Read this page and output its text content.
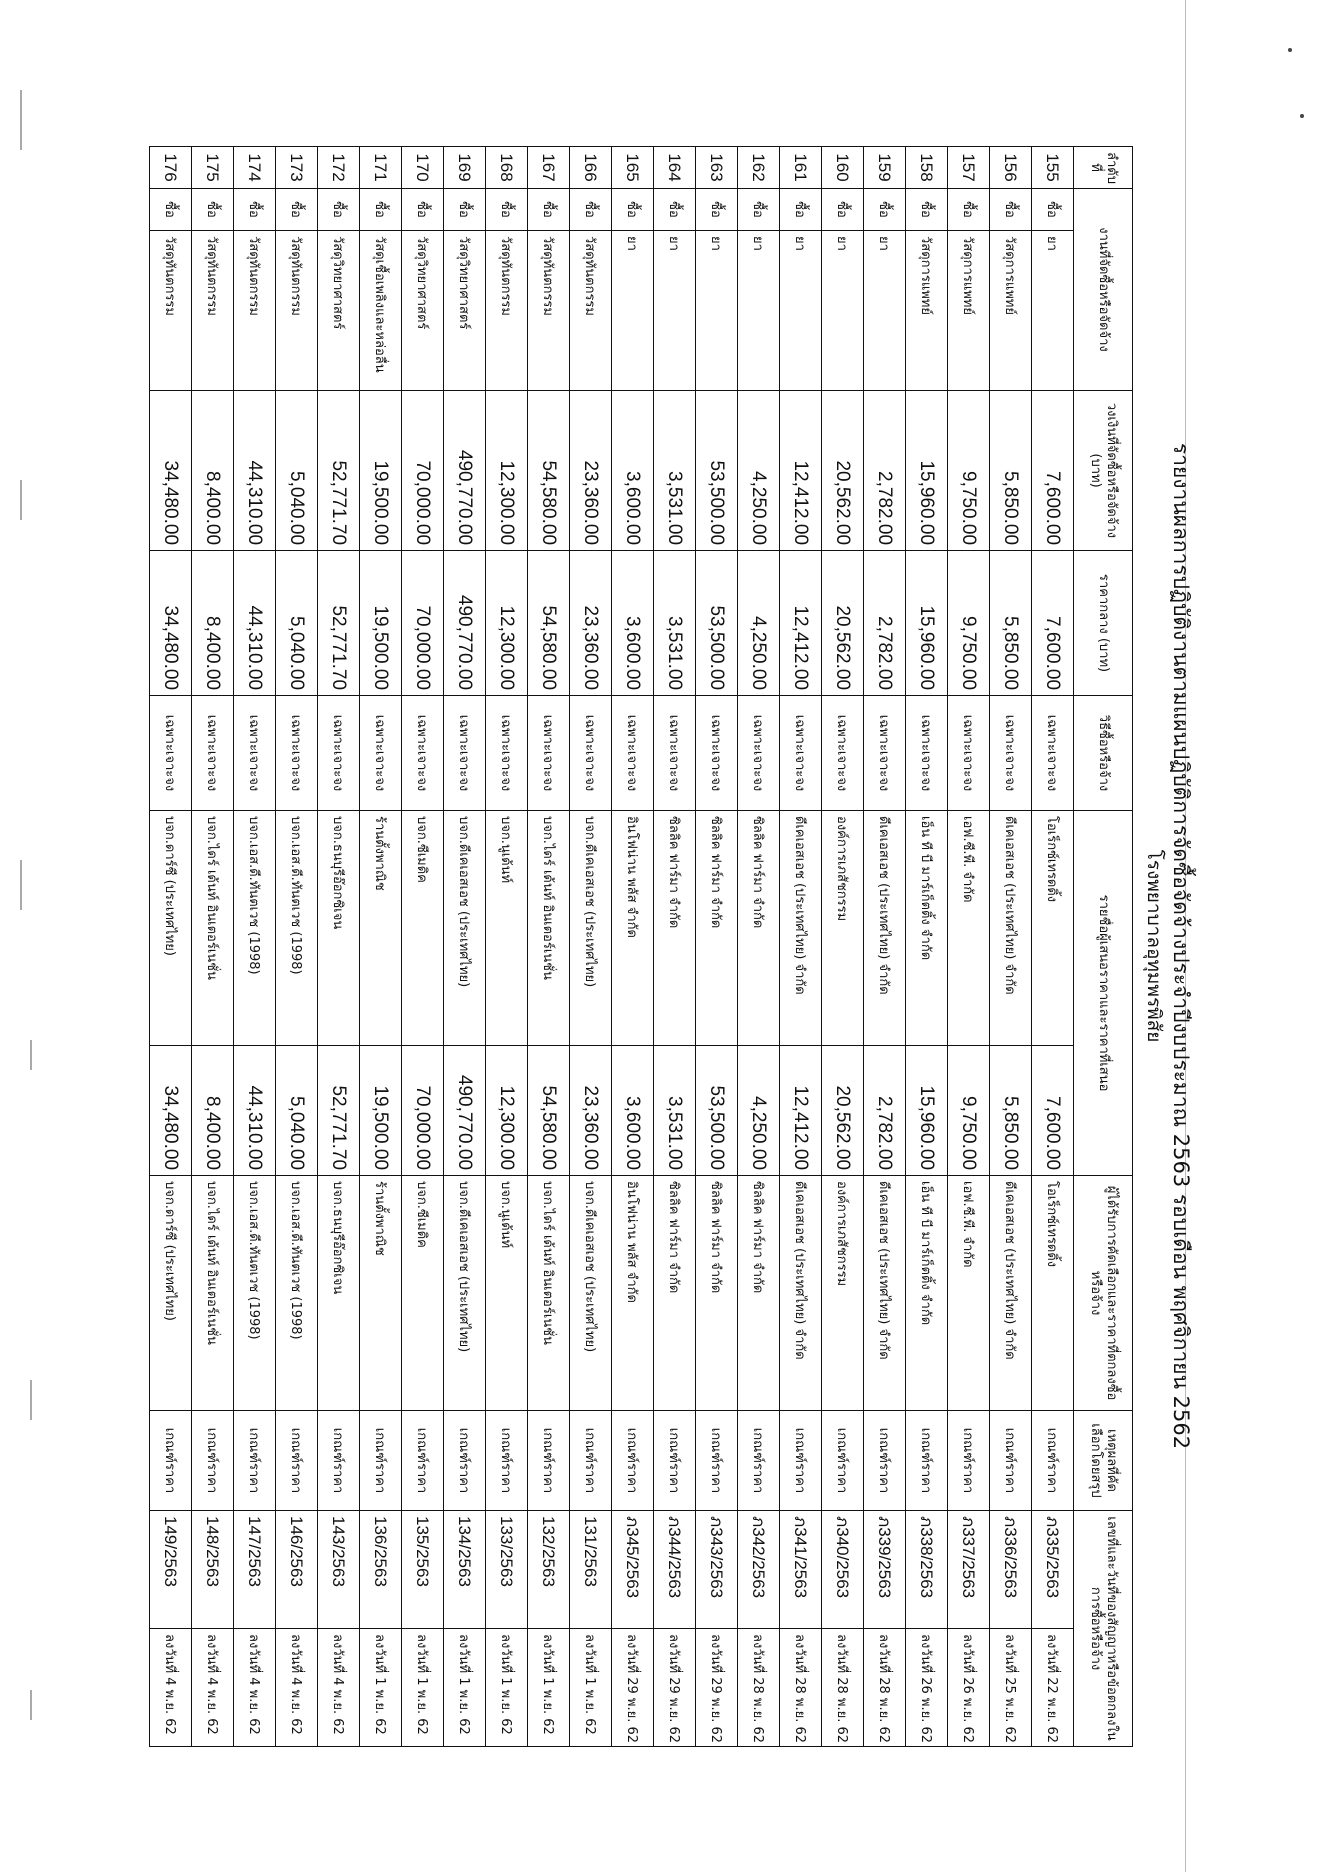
รายงานผลการปฏิบัติงานตามแผนปฏิบัติการจัดซื้อจัดจ้างประจำปีงบประมาณ 2563 รอบเดือน พฤศจิกายน 2562
โรงพยาบาลอุทุมพรพิสัย
ลำดับที่	งานที่จัดซื้อหรือจัดจ้าง		วงเงินที่จัดซื้อหรือจัดจ้าง (บาท)	ราคากลาง (บาท)	วิธีซื้อหรือจ้าง	รายชื่อผู้เสนอราคาและราคาที่เสนอ		ผู้ได้รับการคัดเลือกและราคาที่ตกลงซื้อหรือจ้าง	เหตุผลที่คัดเลือกโดยสรุป	เลขที่และวันที่ของสัญญาหรือข้อตกลงในการซื้อหรือจ้าง	
155	ซื้อ	ยา	7,600.00	7,600.00	เฉพาะเจาะจง	โอเร็กซ์เทรดดิ้ง	7,600.00	โอเร็กซ์เทรดดิ้ง	เกณฑ์ราคา	ภ335/2563	ลงวันที่ 22 พ.ย. 62
156	ซื้อ	วัสดุการแพทย์	5,850.00	5,850.00	เฉพาะเจาะจง	ดีเคเอสเอช (ประเทศไทย) จำกัด	5,850.00	ดีเคเอสเอช (ประเทศไทย) จำกัด	เกณฑ์ราคา	ภ336/2563	ลงวันที่ 25 พ.ย. 62
157	ซื้อ	วัสดุการแพทย์	9,750.00	9,750.00	เฉพาะเจาะจง	เอฟ.ซี.พี. จำกัด	9,750.00	เอฟ.ซี.พี. จำกัด	เกณฑ์ราคา	ภ337/2563	ลงวันที่ 26 พ.ย. 62
158	ซื้อ	วัสดุการแพทย์	15,960.00	15,960.00	เฉพาะเจาะจง	เอ็น ที บี มาร์เก็ตติ้ง จำกัด	15,960.00	เอ็น ที บี มาร์เก็ตติ้ง จำกัด	เกณฑ์ราคา	ภ338/2563	ลงวันที่ 26 พ.ย. 62
159	ซื้อ	ยา	2,782.00	2,782.00	เฉพาะเจาะจง	ดีเคเอสเอช (ประเทศไทย) จำกัด	2,782.00	ดีเคเอสเอช (ประเทศไทย) จำกัด	เกณฑ์ราคา	ภ339/2563	ลงวันที่ 28 พ.ย. 62
160	ซื้อ	ยา	20,562.00	20,562.00	เฉพาะเจาะจง	องค์การเภสัชกรรม	20,562.00	องค์การเภสัชกรรม	เกณฑ์ราคา	ภ340/2563	ลงวันที่ 28 พ.ย. 62
161	ซื้อ	ยา	12,412.00	12,412.00	เฉพาะเจาะจง	ดีเคเอสเอช (ประเทศไทย) จำกัด	12,412.00	ดีเคเอสเอช (ประเทศไทย) จำกัด	เกณฑ์ราคา	ภ341/2563	ลงวันที่ 28 พ.ย. 62
162	ซื้อ	ยา	4,250.00	4,250.00	เฉพาะเจาะจง	ซิลลิค ฟาร์มา จำกัด	4,250.00	ซิลลิค ฟาร์มา จำกัด	เกณฑ์ราคา	ภ342/2563	ลงวันที่ 28 พ.ย. 62
163	ซื้อ	ยา	53,500.00	53,500.00	เฉพาะเจาะจง	ซิลลิค ฟาร์มา จำกัด	53,500.00	ซิลลิค ฟาร์มา จำกัด	เกณฑ์ราคา	ภ343/2563	ลงวันที่ 29 พ.ย. 62
164	ซื้อ	ยา	3,531.00	3,531.00	เฉพาะเจาะจง	ซิลลิค ฟาร์มา จำกัด	3,531.00	ซิลลิค ฟาร์มา จำกัด	เกณฑ์ราคา	ภ344/2563	ลงวันที่ 29 พ.ย. 62
165	ซื้อ	ยา	3,600.00	3,600.00	เฉพาะเจาะจง	อินโฟน่าน พลัส จำกัด	3,600.00	อินโฟน่าน พลัส จำกัด	เกณฑ์ราคา	ภ345/2563	ลงวันที่ 29 พ.ย. 62
166	ซื้อ	วัสดุทันตกรรม	23,360.00	23,360.00	เฉพาะเจาะจง	บจก.ดีเคเอสเอช (ประเทศไทย)	23,360.00	บจก.ดีเคเอสเอช (ประเทศไทย)	เกณฑ์ราคา	131/2563	ลงวันที่ 1 พ.ย. 62
167	ซื้อ	วัสดุทันตกรรม	54,580.00	54,580.00	เฉพาะเจาะจง	บจก.ไดร์ เด้นท์ อินเตอร์เนชั่น	54,580.00	บจก.ไดร์ เด้นท์ อินเตอร์เนชั่น	เกณฑ์ราคา	132/2563	ลงวันที่ 1 พ.ย. 62
168	ซื้อ	วัสดุทันตกรรม	12,300.00	12,300.00	เฉพาะเจาะจง	บจก.นูเด้นท์	12,300.00	บจก.นูเด้นท์	เกณฑ์ราคา	133/2563	ลงวันที่ 1 พ.ย. 62
169	ซื้อ	วัสดุวิทยาศาสตร์	490,770.00	490,770.00	เฉพาะเจาะจง	บจก.ดีเคเอสเอช (ประเทศไทย)	490,770.00	บจก.ดีเคเอสเอช (ประเทศไทย)	เกณฑ์ราคา	134/2563	ลงวันที่ 1 พ.ย. 62
170	ซื้อ	วัสดุวิทยาศาสตร์	70,000.00	70,000.00	เฉพาะเจาะจง	บจก.ซีเมดิค	70,000.00	บจก.ซีเมดิค	เกณฑ์ราคา	135/2563	ลงวันที่ 1 พ.ย. 62
171	ซื้อ	วัสดุเชื้อเพลิงและหล่อลื่น	19,500.00	19,500.00	เฉพาะเจาะจง	ร้านตั้งพาณิช	19,500.00	ร้านตั้งพาณิช	เกณฑ์ราคา	136/2563	ลงวันที่ 1 พ.ย. 62
172	ซื้อ	วัสดุวิทยาศาสตร์	52,771.70	52,771.70	เฉพาะเจาะจง	บจก.ธนบุรีอ๊อกซิเจน	52,771.70	บจก.ธนบุรีอ๊อกซิเจน	เกณฑ์ราคา	143/2563	ลงวันที่ 4 พ.ย. 62
173	ซื้อ	วัสดุทันตกรรม	5,040.00	5,040.00	เฉพาะเจาะจง	บจก.เอส.ดี.ทันตเวช (1998)	5,040.00	บจก.เอส.ดี.ทันตเวช (1998)	เกณฑ์ราคา	146/2563	ลงวันที่ 4 พ.ย. 62
174	ซื้อ	วัสดุทันตกรรม	44,310.00	44,310.00	เฉพาะเจาะจง	บจก.เอส.ดี.ทันตเวช (1998)	44,310.00	บจก.เอส.ดี.ทันตเวช (1998)	เกณฑ์ราคา	147/2563	ลงวันที่ 4 พ.ย. 62
175	ซื้อ	วัสดุทันตกรรม	8,400.00	8,400.00	เฉพาะเจาะจง	บจก.ไดร์ เด้นท์ อินเตอร์เนชั่น	8,400.00	บจก.ไดร์ เด้นท์ อินเตอร์เนชั่น	เกณฑ์ราคา	148/2563	ลงวันที่ 4 พ.ย. 62
176	ซื้อ	วัสดุทันตกรรม	34,480.00	34,480.00	เฉพาะเจาะจง	บจก.ดาร์ซี (ประเทศไทย)	34,480.00	บจก.ดาร์ซี (ประเทศไทย)	เกณฑ์ราคา	149/2563	ลงวันที่ 4 พ.ย. 62
